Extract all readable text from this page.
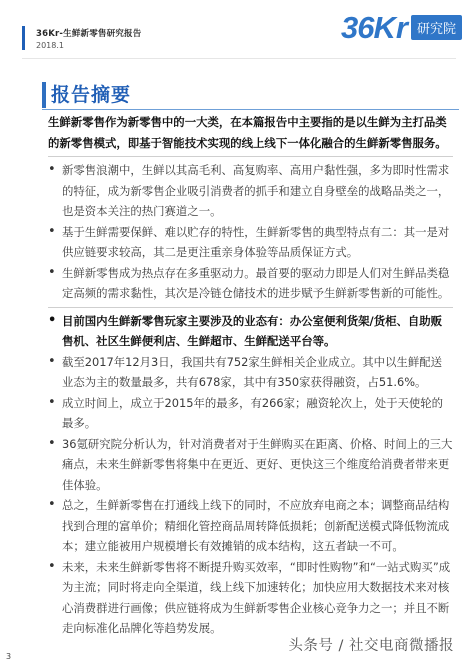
36Kr-生鲜新零售研究报告
2018.1
36 Kr 研究院
报告摘要
生鲜新零售作为新零售中的一大类，在本篇报告中主要指的是以生鲜为主打品类的新零售模式，即基于智能技术实现的线上线下一体化融合的生鲜新零售服务。
• 新零售浪潮中，生鲜以其高毛利、高复购率、高用户黏性强，多为即时性需求的特征，成为新零售企业吸引消费者的抓手和建立自身壁垒的战略品类之一，也是资本关注的热门赛道之一。
• 基于生鲜需要保鲜、难以贮存的特性，生鲜新零售的典型特点有二：其一是对供应链要求较高，其二是更注重亲身体验等品质保证方式。
• 生鲜新零售成为热点存在多重驱动力。最首要的驱动力即是人们对生鲜品类稳定高频的需求黏性，其次是冷链仓储技术的进步赋予生鲜新零售新的可能性。
• 目前国内生鲜新零售玩家主要涉及的业态有：办公室便利货架/货柜、自助贩售机、社区生鲜便利店、生鲜超市、生鲜配送平台等。
• 截至2017年12月3日，我国共有752家生鲜相关企业成立。其中以生鲜配送业态为主的数量最多，共有678家，其中有350家获得融资，占51.6%。
• 成立时间上，成立于2015年的最多，有266家；融资轮次上，处于天使轮的最多。
• 36氪研究院分析认为，针对消费者对于生鲜购买在距离、价格、时间上的三大痛点，未来生鲜新零售将集中在更近、更好、更快这三个维度给消费者带来更佳体验。
• 总之，生鲜新零售在打通线上线下的同时，不应放弃电商之本；调整商品结构找到合理的富单价；精细化管控商品周转降低损耗；创新配送模式降低物流成本；建立能被用户规模增长有效摊销的成本结构，这五者缺一不可。
• 未来，未来生鲜新零售将不断提升购买效率，“即时性购物”和“一站式购买”成为主流；同时将走向全渠道，线上线下加速转化；加快应用大数据技术来对核心消费群进行画像；供应链将成为生鲜新零售企业核心竞争力之一；并且不断走向标准化品牌化等趋势发展。
头条号 / 社交电商微播报
3
